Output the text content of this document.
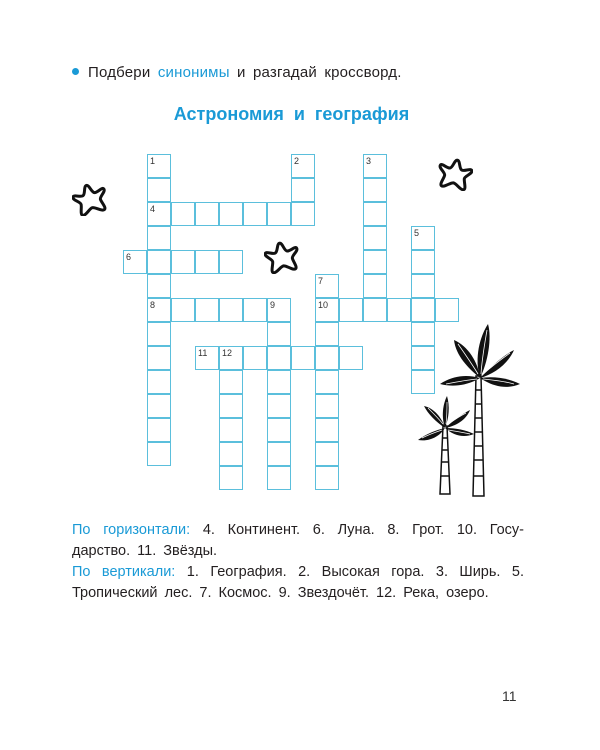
Подбери синонимы и разгадай кроссворд.
Астрономия и география
1
4
8
2	3
5
6
7
10
9
11 12

По горизонтали: 4. Континент. 6. Луна. 8. Грот. 10. Государство. 11. Звёзды.

По вертикали: 1. География. 2. Высокая гора. 3. Ширь. 5. Тропический лес. 7. Космос. 9. Звездочёт. 12. Река, озеро.

11
